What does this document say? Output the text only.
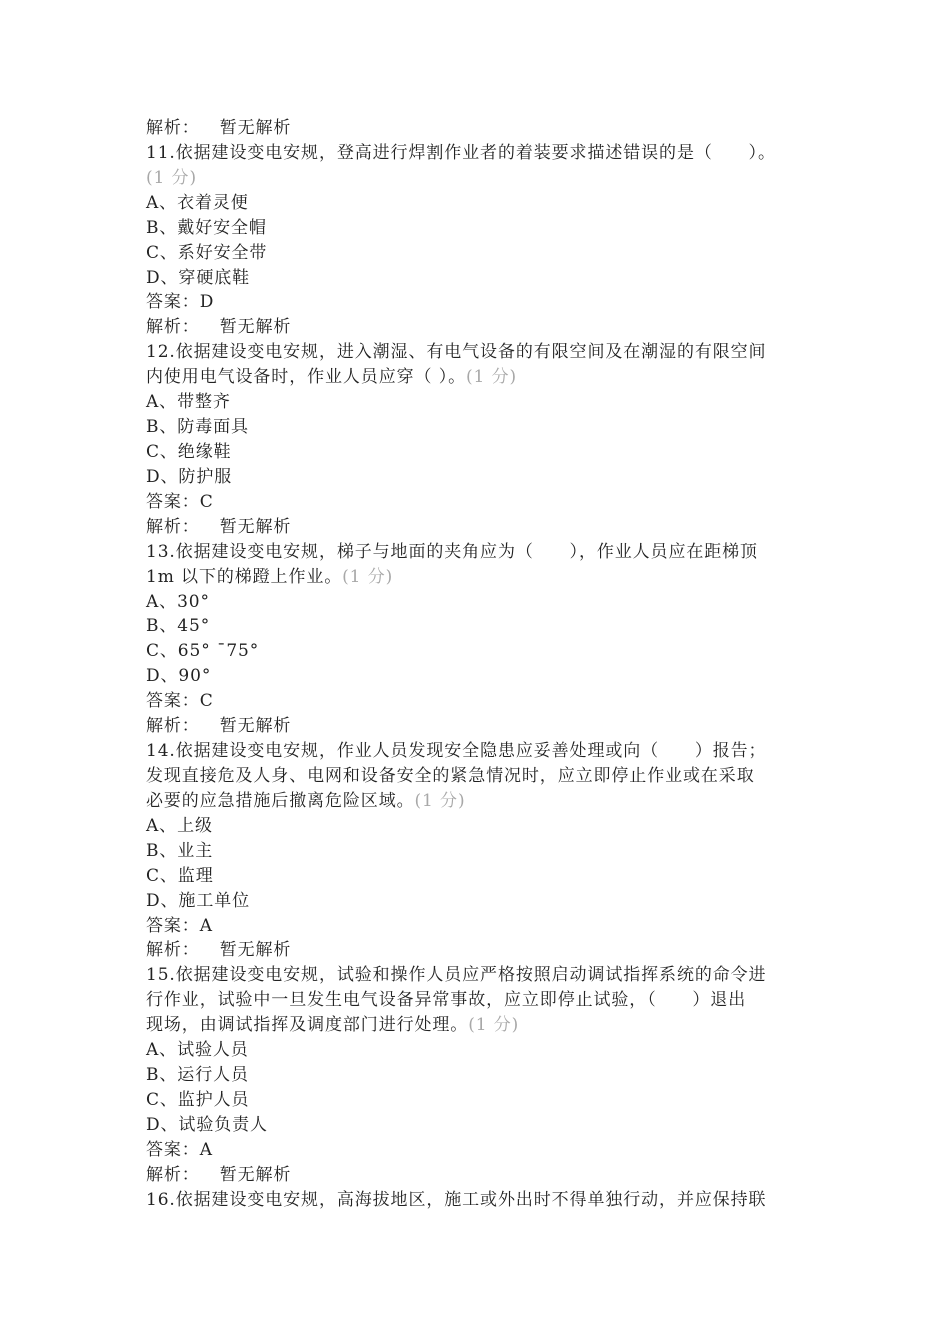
解析： 暂无解析
11.依据建设变电安规，登高进行焊割作业者的着装要求描述错误的是（　　）。
(1 分)
A、衣着灵便
B、戴好安全帽
C、系好安全带
D、穿硬底鞋
答案：D
解析： 暂无解析
12.依据建设变电安规，进入潮湿、有电气设备的有限空间及在潮湿的有限空间
内使用电气设备时，作业人员应穿（ ）。(1 分)
A、带整齐
B、防毒面具
C、绝缘鞋
D、防护服
答案：C
解析： 暂无解析
13.依据建设变电安规，梯子与地面的夹角应为（　　），作业人员应在距梯顶
1m 以下的梯蹬上作业。(1 分)
A、30°
B、45°
C、65° ¯75°
D、90°
答案：C
解析： 暂无解析
14.依据建设变电安规，作业人员发现安全隐患应妥善处理或向（　　）报告；
发现直接危及人身、电网和设备安全的紧急情况时，应立即停止作业或在采取
必要的应急措施后撤离危险区域。(1 分)
A、上级
B、业主
C、监理
D、施工单位
答案：A
解析： 暂无解析
15.依据建设变电安规，试验和操作人员应严格按照启动调试指挥系统的命令进
行作业，试验中一旦发生电气设备异常事故，应立即停止试验，（　　）退出
现场，由调试指挥及调度部门进行处理。(1 分)
A、试验人员
B、运行人员
C、监护人员
D、试验负责人
答案：A
解析： 暂无解析
16.依据建设变电安规，高海拔地区，施工或外出时不得单独行动，并应保持联
